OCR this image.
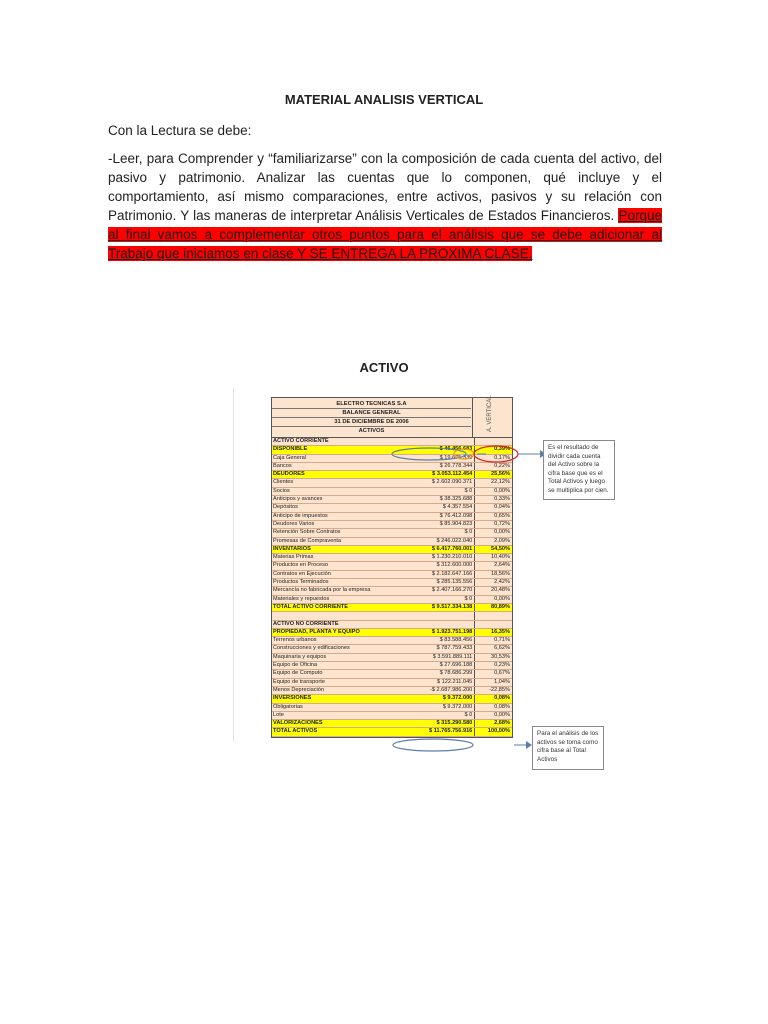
MATERIAL ANALISIS VERTICAL
Con la Lectura se debe:
-Leer, para Comprender y “familiarizarse” con la composición de cada cuenta del activo, del pasivo y patrimonio. Analizar las cuentas que lo componen, qué incluye y el comportamiento, así mismo comparaciones, entre activos, pasivos y su relación con Patrimonio. Y las maneras de interpretar Análisis Verticales de Estados Financieros. Porque al final vamos a complementar otros puntos para el análisis que se debe adicionar al Trabajo que iniciamos en clase Y SE ENTREGA LA PROXIMA CLASE.
ACTIVO
ELECTRO TECNICAS S.A
BALANCE GENERAL
31 DE DICIEMBRE DE 2006
ACTIVOS	A. VERTICAL
ACTIVO CORRIENTE
DISPONIBLE	$ 46.456.683	0,39%
Caja General	$ 19.675.339	0,17%
Bancos	$ 26.778.344	0,22%
DEUDORES	$ 3.053.112.454	25,56%
Clientes	$ 2.602.090.371	22,12%
Socios	$ 0	0,00%
Anticipos y avances	$ 38.325.688	0,33%
Depósitos	$ 4.357.554	0,04%
Anticipo de impuestos	$ 76.412.098	0,65%
Deudores Varios	$ 85.904.823	0,72%
Retención Sobre Contratos	$ 0	0,00%
Promesas de Compraventa	$ 246.022.040	2,09%
INVENTARIOS	$ 6.417.760.001	54,50%
Materias Primas	$ 1.230.210.010	10,40%
Productos en Proceso	$ 312.600.000	2,64%
Contratos en Ejecución	$ 2.182.647.166	18,56%
Productos Terminados	$ 285.135.556	2,42%
Mercancía no fabricada por la empresa	$ 2.407.166.270	20,48%
Materiales y repuestos	$ 0	0,00%
TOTAL ACTIVO CORRIENTE	$ 9.517.334.138	80,89%
ACTIVO NO CORRIENTE
PROPIEDAD, PLANTA Y EQUIPO	$ 1.923.751.198	16,35%
Terrenos urbanos	$ 83.588.456	0,71%
Construcciones y edificaciones	$ 787.759.433	6,62%
Maquinaria y equipos	$ 3.591.889.111	30,53%
Equipo de Oficina	$ 27.696.188	0,23%
Equipo de Computo	$ 78.686.299	0,67%
Equipo de transporte	$ 122.211.045	1,04%
Menos Depreciación	-$ 2.687.986.200	-22,85%
INVERSIONES	$ 9.372.000	0,08%
Obligatorias	$ 9.372.000	0,08%
Lote	$ 0	0,00%
VALORIZACIONES	$ 315.290.580	2,68%
TOTAL ACTIVOS	$ 11.765.756.916	100,00%
Es el resultado de dividir cada cuenta del Activo sobre la cifra base que es el Total Activos y luego se multiplica por cien.
Para el análisis de los activos se toma como cifra base al Total Activos
